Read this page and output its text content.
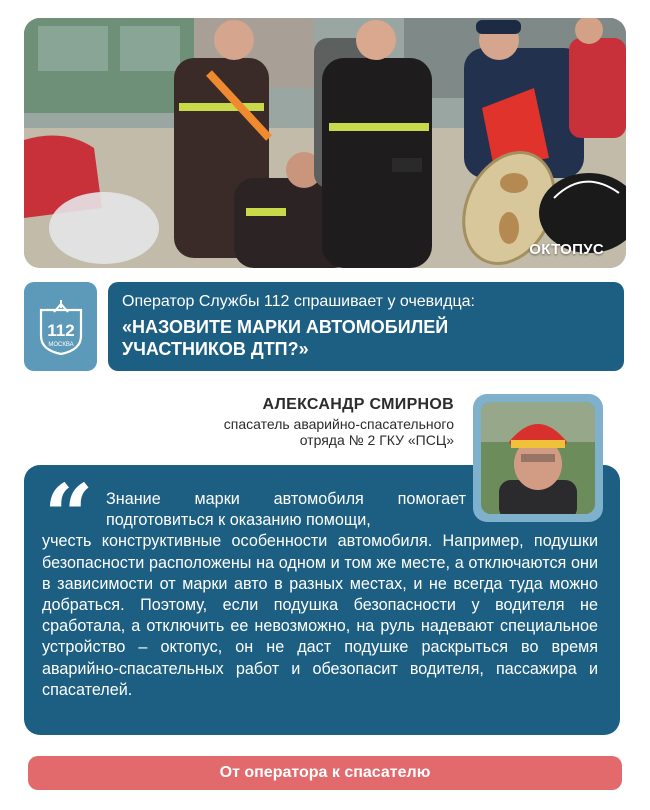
ОКТОПУС
112
МОСКВА
Оператор Службы 112 спрашивает у очевидца:
«НАЗОВИТЕ МАРКИ АВТОМОБИЛЕЙ
УЧАСТНИКОВ ДТП?»
АЛЕКСАНДР СМИРНОВ
спасатель аварийно-спасательного
отряда № 2 ГКУ «ПСЦ»
“ Знание марки автомобиля помогает подготовиться к оказанию помощи,
учесть конструктивные особенности автомобиля. Например, подушки безопасности расположены на одном и том же месте, а отключаются они в зависимости от марки авто в разных местах, и не всегда туда можно добраться. Поэтому, если подушка безопасности у водителя не сработала, а отключить ее невозможно, на руль надевают специальное устройство – октопус, он не даст подушке раскрыться во время аварийно-спасательных работ и обезопасит водителя, пассажира и спасателей.
От оператора к спасателю
